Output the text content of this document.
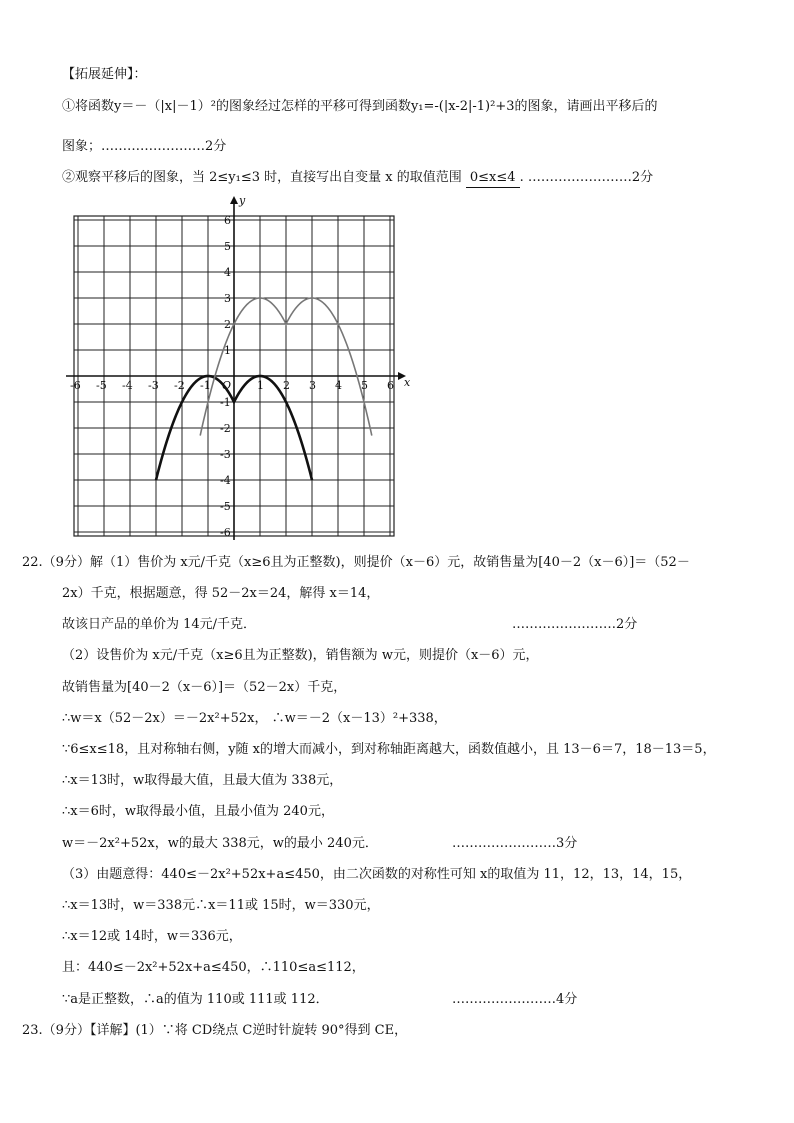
【拓展延伸】：
①将函数y＝－（|x|－1）²的图象经过怎样的平移可得到函数y₁=-(|x-2|-1)²+3的图象，请画出平移后的
图象；……………………2分
②观察平移后的图象，当 2≤y₁≤3 时，直接写出自变量 x 的取值范围 0≤x≤4 . ……………………2分
-6 -5 -4 -3 -2 -1	1 2 3 4 5 6
6
5
4
3
2
1
-1
-2
-3
-4
-5
-6
O	x
y
22.（9分）解（1）售价为 x元/千克（x≥6且为正整数)，则提价（x－6）元，故销售量为[40－2（x－6）]＝（52－
2x）千克，根据题意，得 52－2x＝24，解得 x＝14，
故该日产品的单价为 14元/千克．	……………………2分
（2）设售价为 x元/千克（x≥6且为正整数)，销售额为 w元，则提价（x－6）元，
故销售量为[40－2（x－6）]＝（52－2x）千克，
∴w＝x（52－2x）＝－2x²+52x， ∴w＝－2（x－13）²+338，
∵6≤x≤18，且对称轴右侧，y随 x的增大而减小，到对称轴距离越大，函数值越小，且 13－6＝7，18－13＝5，
∴x＝13时，w取得最大值，且最大值为 338元，
∴x＝6时，w取得最小值，且最小值为 240元，
w＝－2x²+52x，w的最大 338元，w的最小 240元．	……………………3分
（3）由题意得：440≤－2x²+52x+a≤450，由二次函数的对称性可知 x的取值为 11，12，13，14，15，
∴x＝13时，w＝338元∴x＝11或 15时，w＝330元，
∴x＝12或 14时，w＝336元，
且：440≤－2x²+52x+a≤450，∴110≤a≤112，
∵a是正整数，∴a的值为 110或 111或 112．	……………………4分
23.（9分）【详解】(1）∵将 CD绕点 C逆时针旋转 90°得到 CE，
